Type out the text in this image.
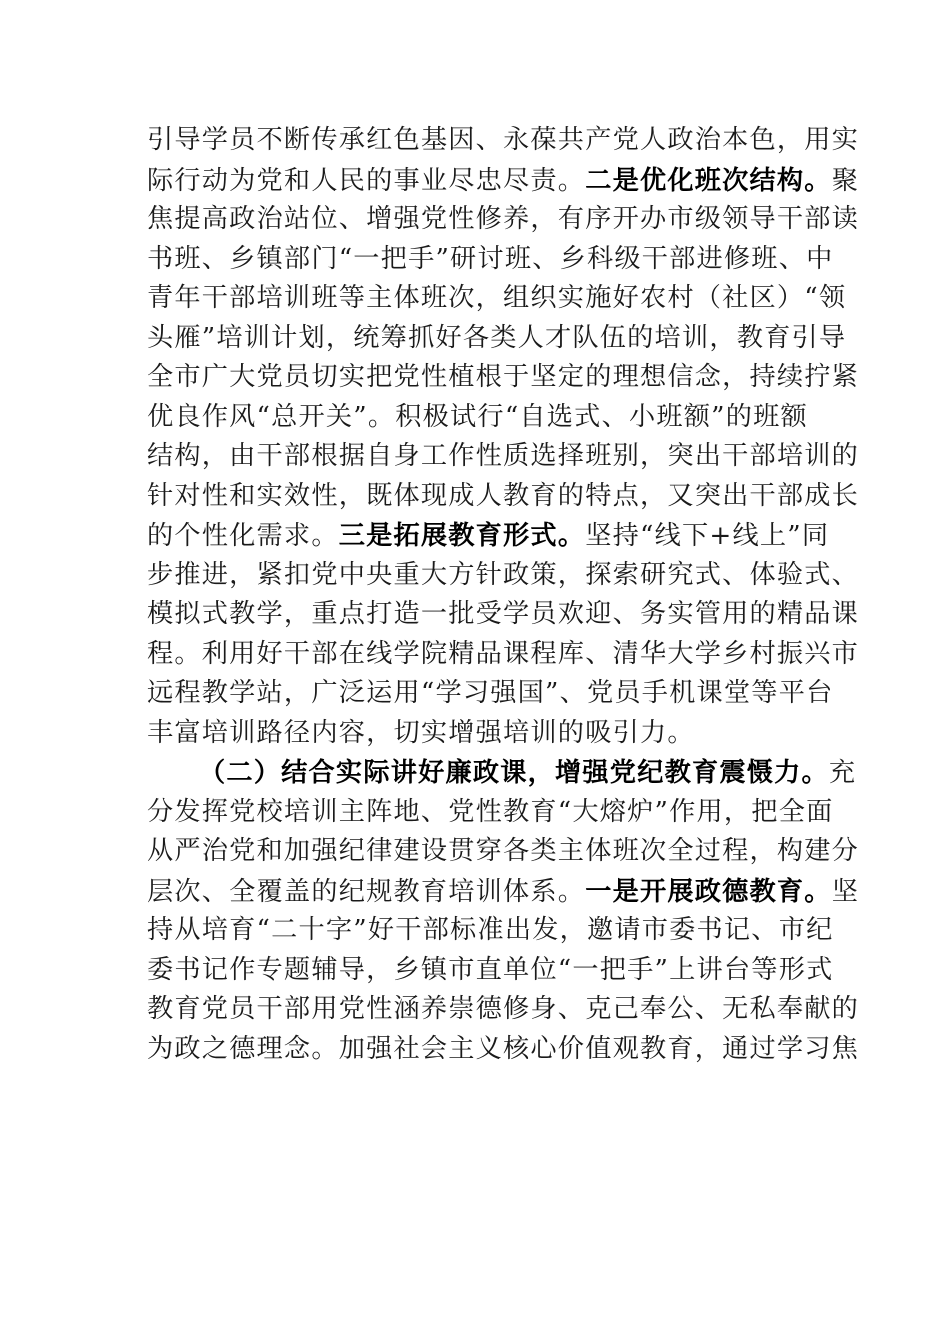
引导学员不断传承红色基因、永葆共产党人政治本色，用实
际行动为党和人民的事业尽忠尽责。二是优化班次结构。聚
焦提高政治站位、增强党性修养，有序开办市级领导干部读
书班、乡镇部门“一把手”研讨班、乡科级干部进修班、中
青年干部培训班等主体班次，组织实施好农村（社区）“领
头雁”培训计划，统筹抓好各类人才队伍的培训，教育引导
全市广大党员切实把党性植根于坚定的理想信念，持续拧紧
优良作风“总开关”。积极试行“自选式、小班额”的班额
结构，由干部根据自身工作性质选择班别，突出干部培训的
针对性和实效性，既体现成人教育的特点，又突出干部成长
的个性化需求。三是拓展教育形式。坚持“线下+线上”同
步推进，紧扣党中央重大方针政策，探索研究式、体验式、
模拟式教学，重点打造一批受学员欢迎、务实管用的精品课
程。利用好干部在线学院精品课程库、清华大学乡村振兴市
远程教学站，广泛运用“学习强国”、党员手机课堂等平台
丰富培训路径内容，切实增强培训的吸引力。
（二）结合实际讲好廉政课，增强党纪教育震慑力。充
分发挥党校培训主阵地、党性教育“大熔炉”作用，把全面
从严治党和加强纪律建设贯穿各类主体班次全过程，构建分
层次、全覆盖的纪规教育培训体系。一是开展政德教育。坚
持从培育“二十字”好干部标准出发，邀请市委书记、市纪
委书记作专题辅导，乡镇市直单位“一把手”上讲台等形式
教育党员干部用党性涵养崇德修身、克己奉公、无私奉献的
为政之德理念。加强社会主义核心价值观教育，通过学习焦
